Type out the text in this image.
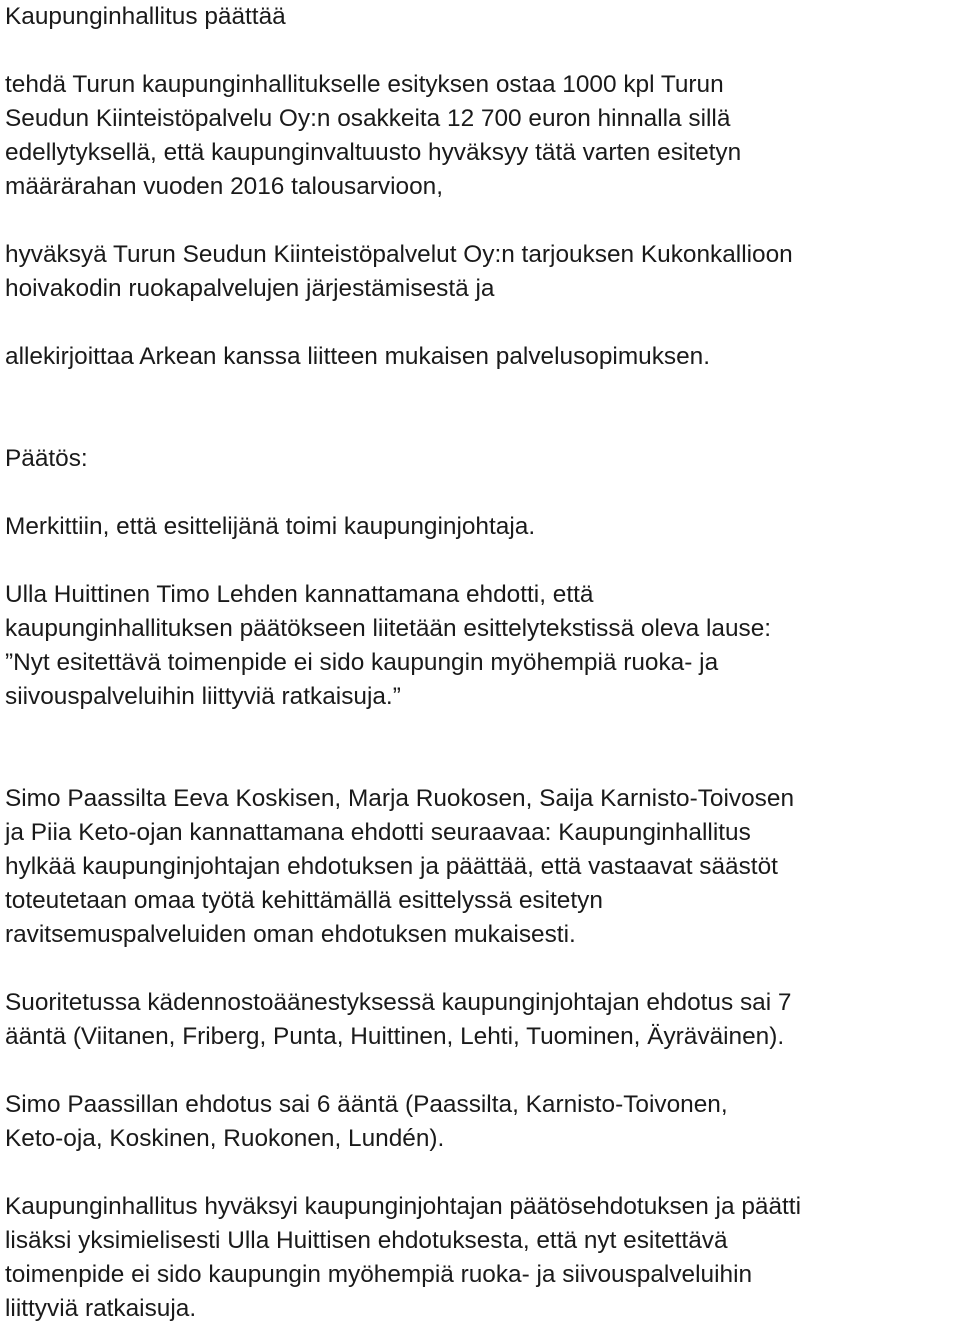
Kaupunginhallitus päättää

tehdä Turun kaupunginhallitukselle esityksen ostaa 1000 kpl Turun

Seudun Kiinteistöpalvelu Oy:n osakkeita 12 700 euron hinnalla sillä

edellytyksellä, että kaupunginvaltuusto hyväksyy tätä varten esitetyn

määrärahan vuoden 2016 talousarvioon,

hyväksyä Turun Seudun Kiinteistöpalvelut Oy:n tarjouksen Kukonkallioon

hoivakodin ruokapalvelujen järjestämisestä ja

allekirjoittaa Arkean kanssa liitteen mukaisen palvelusopimuksen.

Päätös:

Merkittiin, että esittelijänä toimi kaupunginjohtaja.

Ulla Huittinen Timo Lehden kannattamana ehdotti, että

kaupunginhallituksen päätökseen liitetään esittelytekstissä oleva lause:

”Nyt esitettävä toimenpide ei sido kaupungin myöhempiä ruoka- ja

siivouspalveluihin liittyviä ratkaisuja.”

Simo Paassilta Eeva Koskisen, Marja Ruokosen, Saija Karnisto-Toivosen

ja Piia Keto-ojan kannattamana ehdotti seuraavaa: Kaupunginhallitus

hylkää kaupunginjohtajan ehdotuksen ja päättää, että vastaavat säästöt

toteutetaan omaa työtä kehittämällä esittelyssä esitetyn

ravitsemuspalveluiden oman ehdotuksen mukaisesti.

Suoritetussa kädennostoäänestyksessä kaupunginjohtajan ehdotus sai 7

ääntä (Viitanen, Friberg, Punta, Huittinen, Lehti, Tuominen, Äyräväinen).

Simo Paassillan ehdotus sai 6 ääntä (Paassilta, Karnisto-Toivonen,

Keto-oja, Koskinen, Ruokonen, Lundén).

Kaupunginhallitus hyväksyi kaupunginjohtajan päätösehdotuksen ja päätti

lisäksi yksimielisesti Ulla Huittisen ehdotuksesta, että nyt esitettävä

toimenpide ei sido kaupungin myöhempiä ruoka- ja siivouspalveluihin

liittyviä ratkaisuja.
